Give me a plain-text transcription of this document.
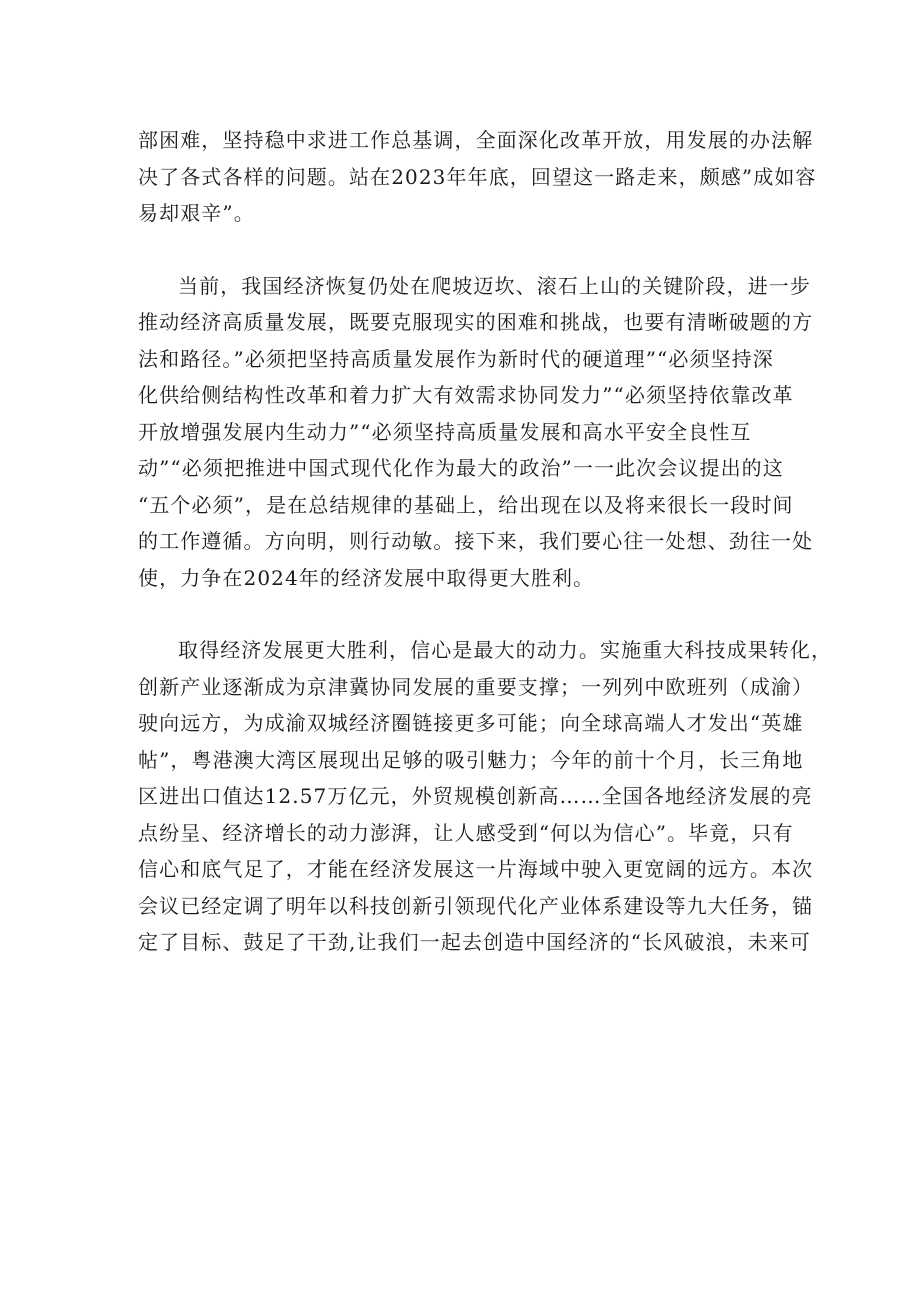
部困难，坚持稳中求进工作总基调，全面深化改革开放，用发展的办法解
决了各式各样的问题。站在2023年年底，回望这一路走来，颇感”成如容
易却艰辛”。

当前，我国经济恢复仍处在爬坡迈坎、滚石上山的关键阶段，进一步
推动经济高质量发展，既要克服现实的困难和挑战，也要有清晰破题的方
法和路径。”必须把坚持高质量发展作为新时代的硬道理”“必须坚持深
化供给侧结构性改革和着力扩大有效需求协同发力”“必须坚持依靠改革
开放增强发展内生动力”“必须坚持高质量发展和高水平安全良性互
动”“必须把推进中国式现代化作为最大的政治”一一此次会议提出的这
“五个必须”，是在总结规律的基础上，给出现在以及将来很长一段时间
的工作遵循。方向明，则行动敏。接下来，我们要心往一处想、劲往一处
使，力争在2024年的经济发展中取得更大胜利。

取得经济发展更大胜利，信心是最大的动力。实施重大科技成果转化，
创新产业逐渐成为京津冀协同发展的重要支撑；一列列中欧班列（成渝）
驶向远方，为成渝双城经济圈链接更多可能；向全球高端人才发出“英雄
帖”，粤港澳大湾区展现出足够的吸引魅力；今年的前十个月，长三角地
区进出口值达12.57万亿元，外贸规模创新高……全国各地经济发展的亮
点纷呈、经济增长的动力澎湃，让人感受到“何以为信心”。毕竟，只有
信心和底气足了，才能在经济发展这一片海域中驶入更宽阔的远方。本次
会议已经定调了明年以科技创新引领现代化产业体系建设等九大任务，锚
定了目标、鼓足了干劲,让我们一起去创造中国经济的“长风破浪，未来可
